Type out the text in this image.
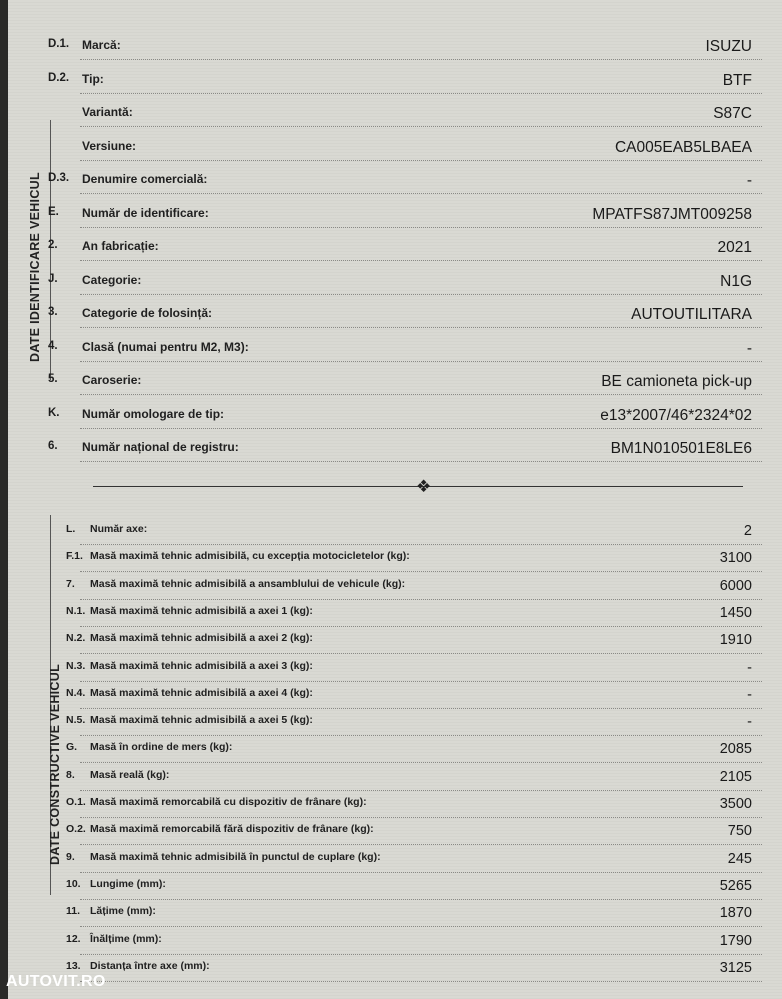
DATE IDENTIFICARE VEHICUL
DATE CONSTRUCTIVE VEHICUL
D.1. Marcă:	ISUZU
D.2. Tip:	BTF
Variantă:	S87C
Versiune:	CA005EAB5LBAEA
D.3. Denumire comercială:	-
E. Număr de identificare:	MPATFS87JMT009258
2. An fabricație:	2021
J. Categorie:	N1G
3. Categorie de folosință:	AUTOUTILITARA
4. Clasă (numai pentru M2, M3):	-
5. Caroserie:	BE camioneta pick-up
K. Număr omologare de tip:	e13*2007/46*2324*02
6. Număr național de registru:	BM1N010501E8LE6
❖
L. Număr axe:	2
F.1. Masă maximă tehnic admisibilă, cu excepția motocicletelor (kg):	3100
7. Masă maximă tehnic admisibilă a ansamblului de vehicule (kg):	6000
N.1. Masă maximă tehnic admisibilă a axei 1 (kg):	1450
N.2. Masă maximă tehnic admisibilă a axei 2 (kg):	1910
N.3. Masă maximă tehnic admisibilă a axei 3 (kg):	-
N.4. Masă maximă tehnic admisibilă a axei 4 (kg):	-
N.5. Masă maximă tehnic admisibilă a axei 5 (kg):	-
G. Masă în ordine de mers (kg):	2085
8. Masă reală (kg):	2105
O.1. Masă maximă remorcabilă cu dispozitiv de frânare (kg):	3500
O.2. Masă maximă remorcabilă fără dispozitiv de frânare (kg):	750
9. Masă maximă tehnic admisibilă în punctul de cuplare (kg):	245
10. Lungime (mm):	5265
11. Lățime (mm):	1870
12. Înălțime (mm):	1790
13. Distanța între axe (mm):	3125
AUTOVIT.RO
